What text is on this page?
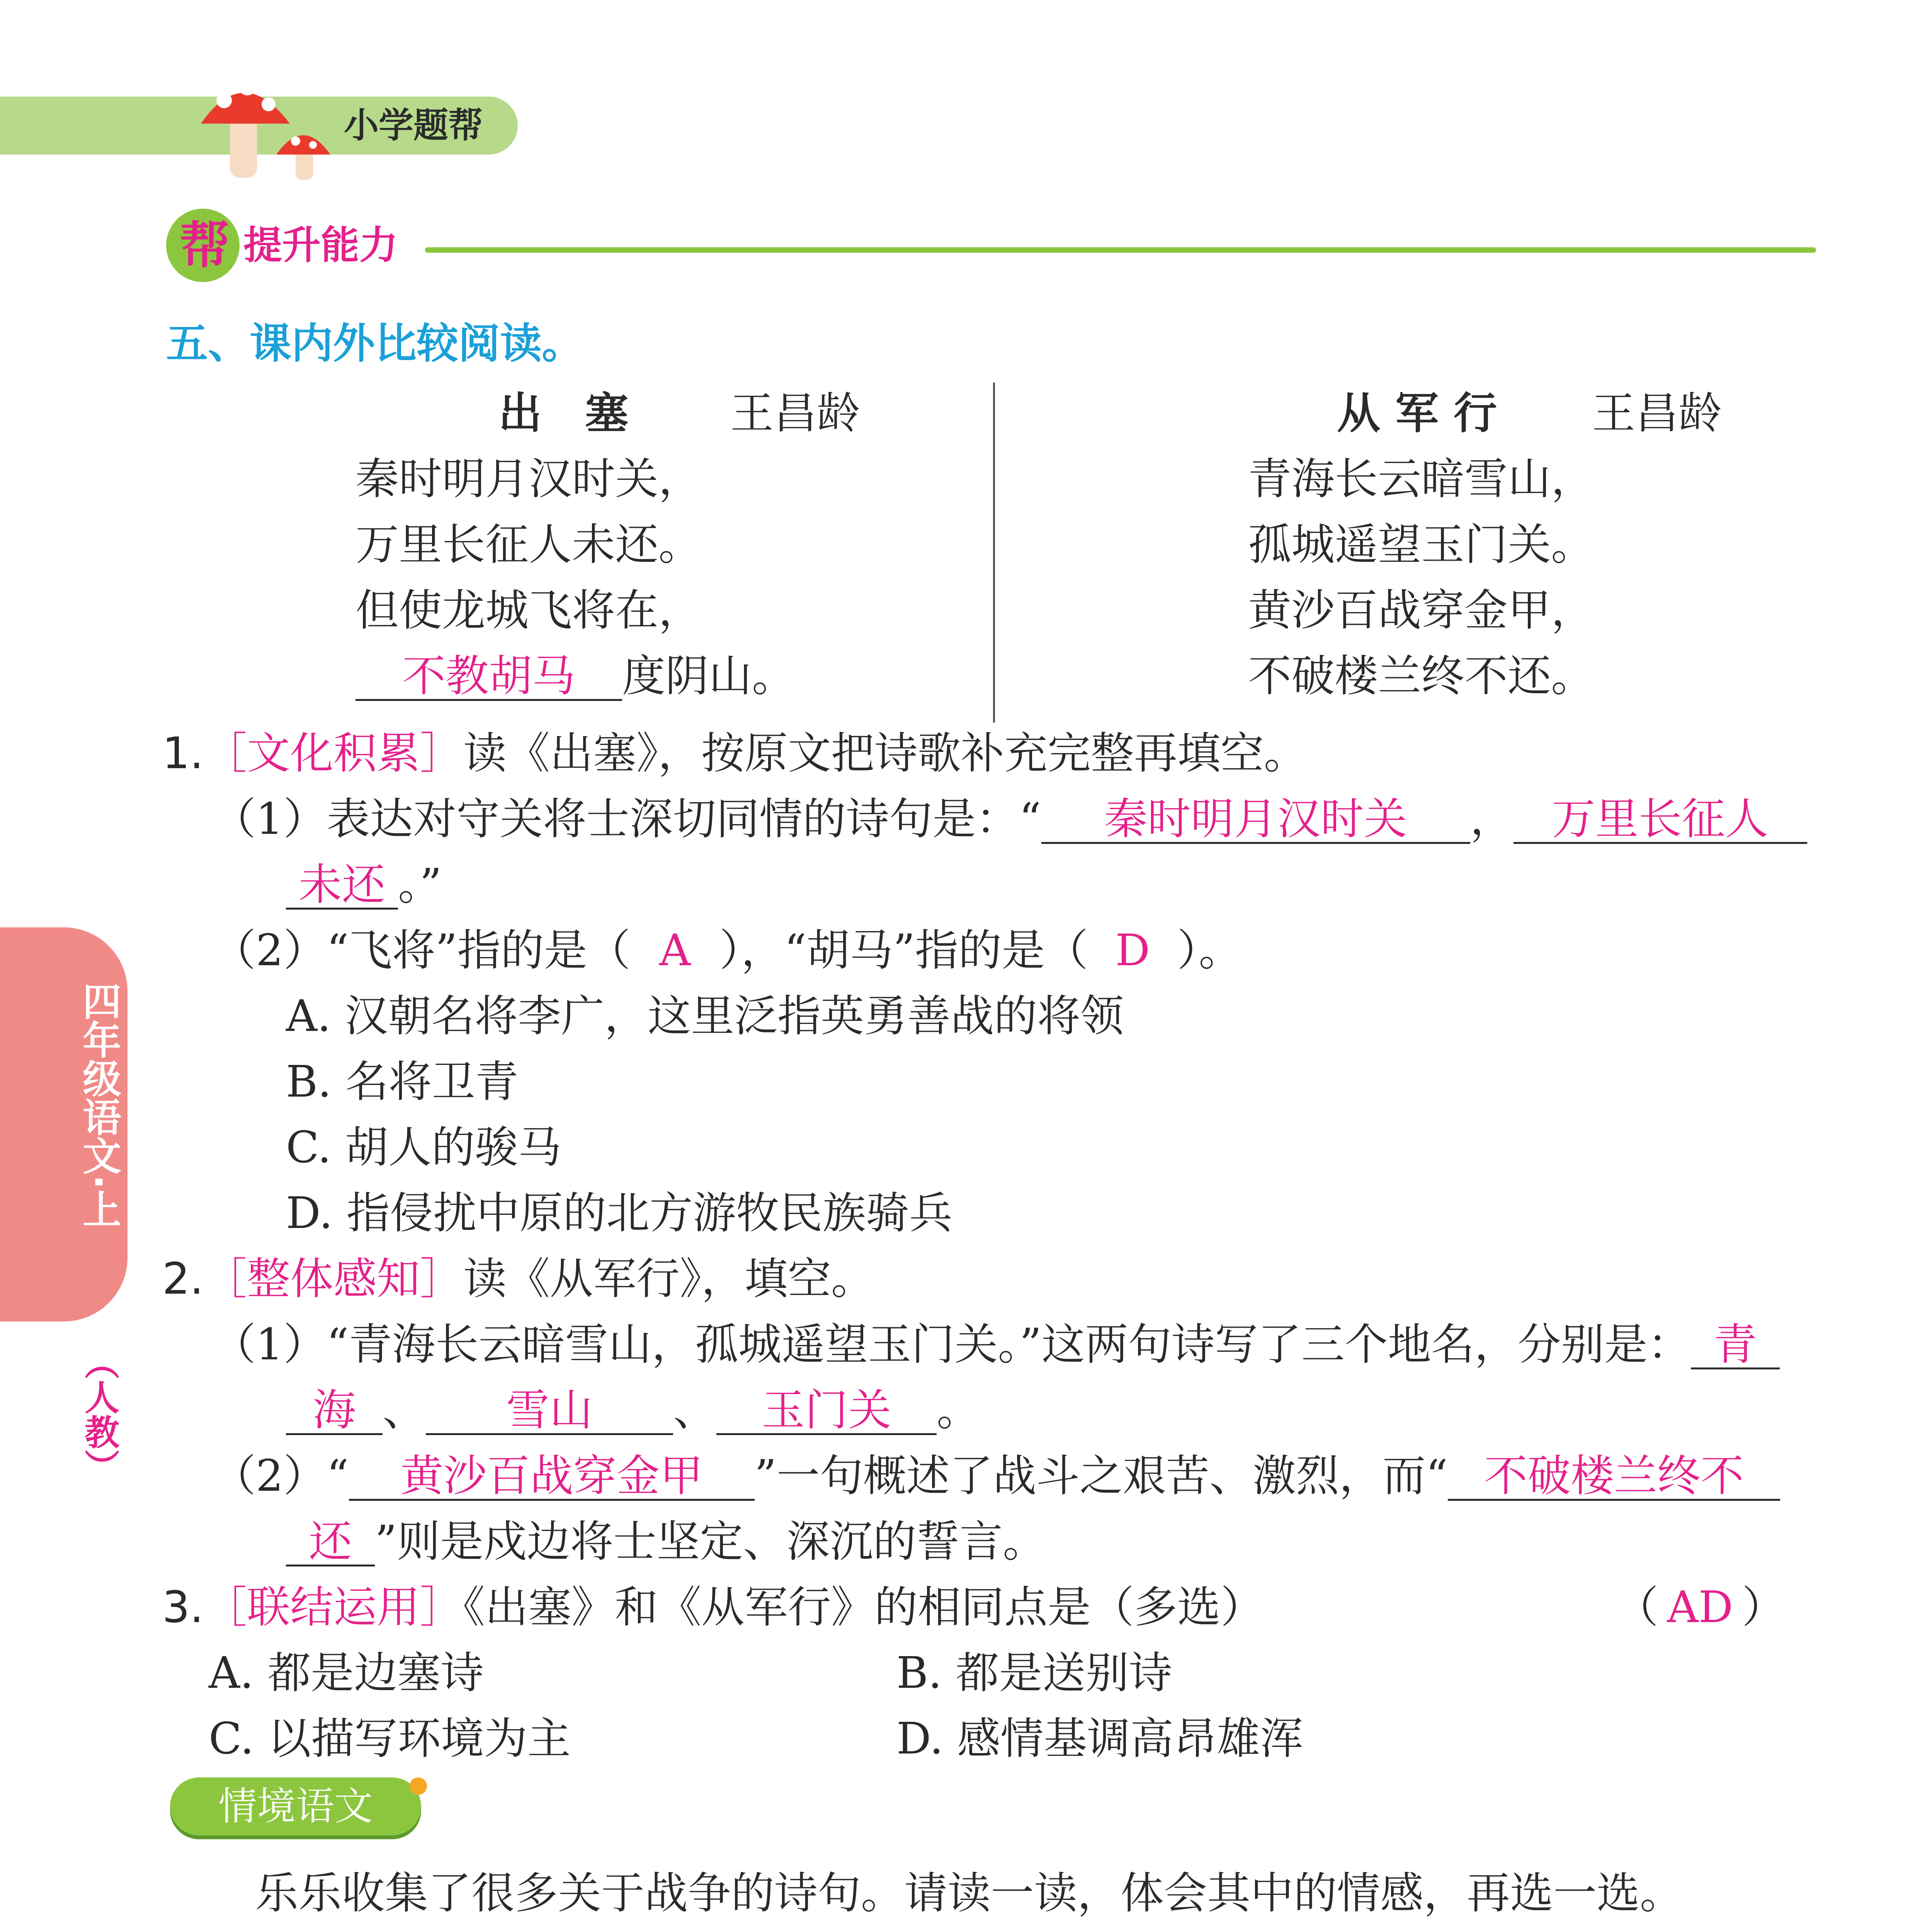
小学题帮
帮 提升能力
四年级语文·上
（人教）
五、课内外比较阅读。
出　塞 王昌龄
秦时明月汉时关，
万里长征人未还。
但使龙城飞将在，
不教胡马 度阴山。
从 军 行 王昌龄
青海长云暗雪山，
孤城遥望玉门关。
黄沙百战穿金甲，
不破楼兰终不还。
1.［文化积累］读《出塞》，按原文把诗歌补充完整再填空。
（1）表达对守关将士深切同情的诗句是：“ 秦时明月汉时关 ， 万里长征人
未还 。”
（2）“飞将”指的是（ A ），“胡马”指的是（ D ）。
A. 汉朝名将李广，这里泛指英勇善战的将领
B. 名将卫青
C. 胡人的骏马
D. 指侵扰中原的北方游牧民族骑兵
2.［整体感知］读《从军行》，填空。
（1）“青海长云暗雪山，孤城遥望玉门关。”这两句诗写了三个地名，分别是： 青
海 、 雪山 、 玉门关 。
（2）“ 黄沙百战穿金甲 ”一句概述了战斗之艰苦、激烈，而“ 不破楼兰终不
还 ”则是戍边将士坚定、深沉的誓言。
3.［联结运用］《出塞》和《从军行》的相同点是（多选）	（ AD ）
A. 都是边塞诗	B. 都是送别诗
C. 以描写环境为主	D. 感情基调高昂雄浑
情境语文
乐乐收集了很多关于战争的诗句。请读一读，体会其中的情感，再选一选。
